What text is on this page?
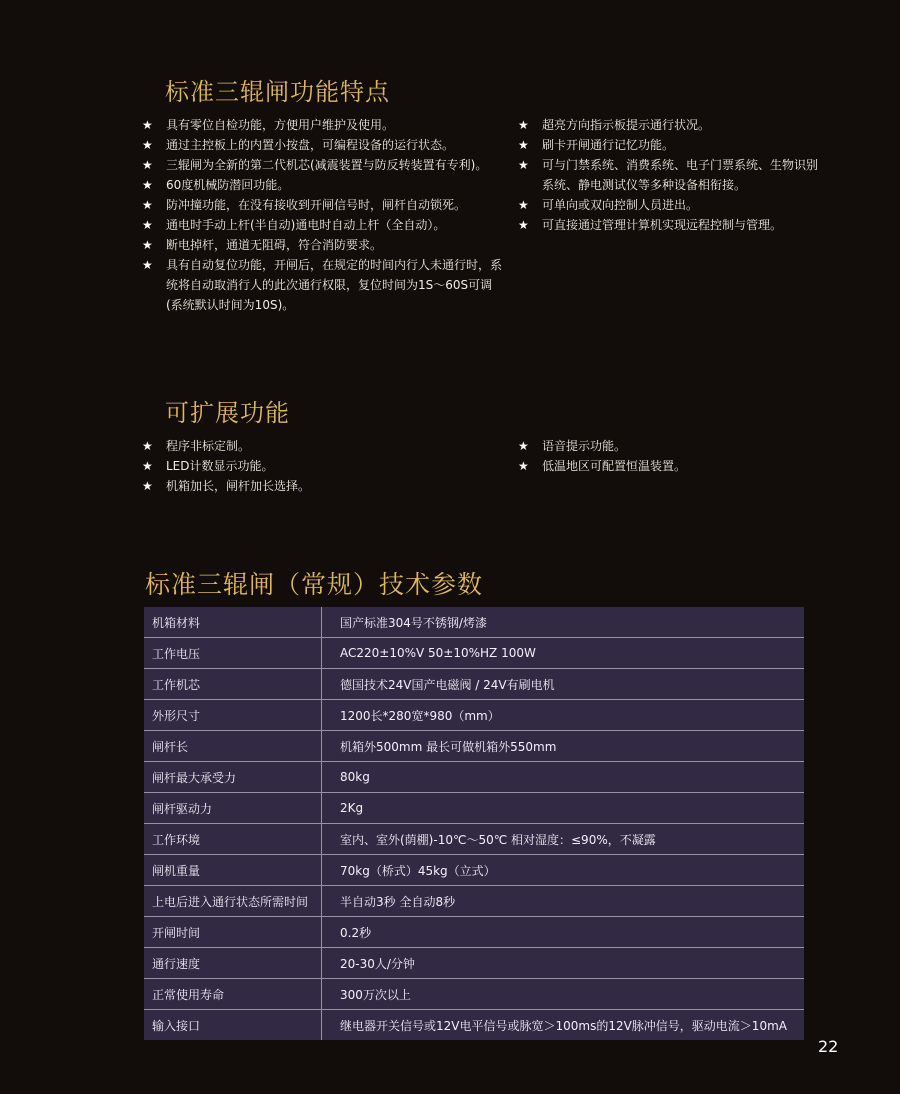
标准三辊闸功能特点
★ 具有零位自检功能，方便用户维护及使用。
★ 通过主控板上的内置小按盘，可编程设备的运行状态。
★ 三辊闸为全新的第二代机芯(减震装置与防反转装置有专利)。
★ 60度机械防潜回功能。
★ 防冲撞功能，在没有接收到开闸信号时，闸杆自动锁死。
★ 通电时手动上杆(半自动)通电时自动上杆（全自动）。
★ 断电掉杆，通道无阻碍，符合消防要求。
★ 具有自动复位功能，开闸后，在规定的时间内行人未通行时，系统将自动取消行人的此次通行权限，复位时间为1S～60S可调(系统默认时间为10S)。
★ 超亮方向指示板提示通行状况。
★ 刷卡开闸通行记忆功能。
★ 可与门禁系统、消费系统、电子门票系统、生物识别系统、静电测试仪等多种设备相衔接。
★ 可单向或双向控制人员进出。
★ 可直接通过管理计算机实现远程控制与管理。
可扩展功能
★ 程序非标定制。
★ LED计数显示功能。
★ 机箱加长，闸杆加长选择。
★ 语音提示功能。
★ 低温地区可配置恒温装置。
标准三辊闸（常规）技术参数
机箱材料	国产标准304号不锈钢/烤漆
工作电压	AC220±10%V 50±10%HZ 100W
工作机芯	德国技术24V国产电磁阀 / 24V有刷电机
外形尺寸	1200长*280宽*980（mm）
闸杆长	机箱外500mm 最长可做机箱外550mm
闸杆最大承受力	80kg
闸杆驱动力	2Kg
工作环境	室内、室外(荫棚)-10℃～50℃ 相对湿度：≤90%，不凝露
闸机重量	70kg（桥式）45kg（立式）
上电后进入通行状态所需时间	半自动3秒 全自动8秒
开闸时间	0.2秒
通行速度	20-30人/分钟
正常使用寿命	300万次以上
输入接口	继电器开关信号或12V电平信号或脉宽＞100ms的12V脉冲信号，驱动电流＞10mA
22
